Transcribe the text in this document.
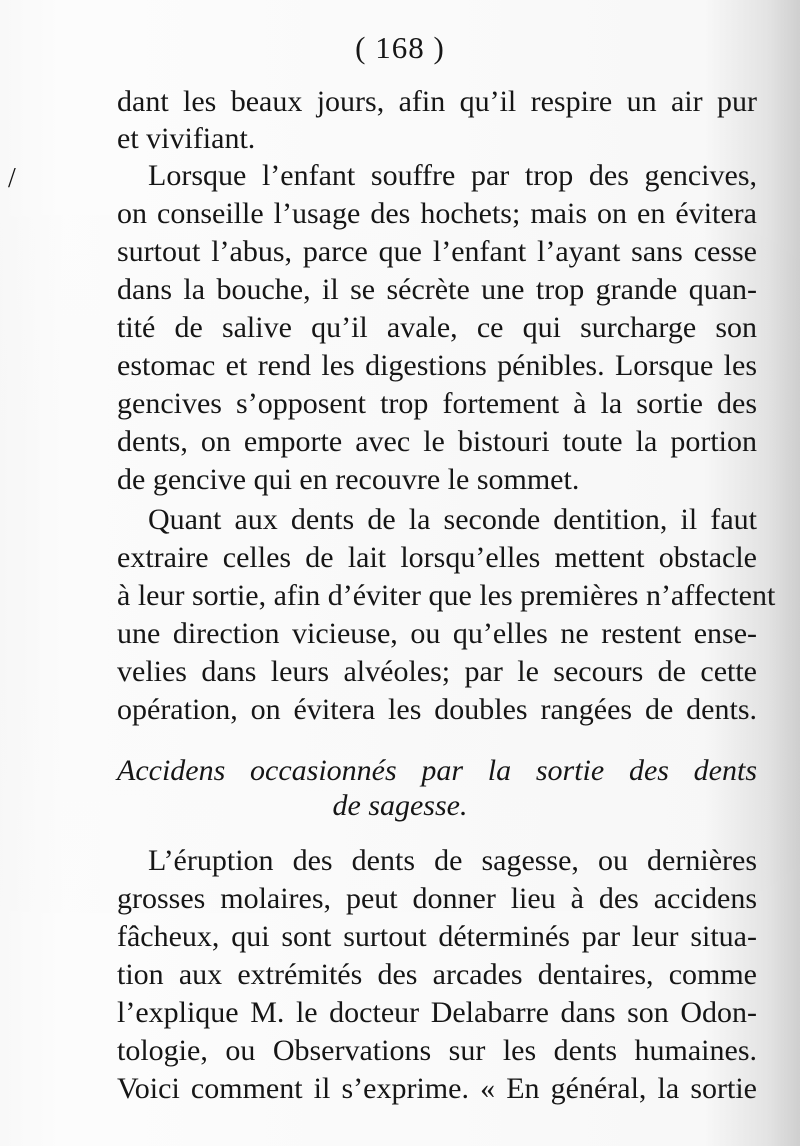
( 168 )
/
dant les beaux jours, afin qu’il respire un air pur
et vivifiant.
Lorsque l’enfant souffre par trop des gencives,
on conseille l’usage des hochets; mais on en évitera
surtout l’abus, parce que l’enfant l’ayant sans cesse
dans la bouche, il se sécrète une trop grande quan-
tité de salive qu’il avale, ce qui surcharge son
estomac et rend les digestions pénibles. Lorsque les
gencives s’opposent trop fortement à la sortie des
dents, on emporte avec le bistouri toute la portion
de gencive qui en recouvre le sommet.
Quant aux dents de la seconde dentition, il faut
extraire celles de lait lorsqu’elles mettent obstacle
à leur sortie, afin d’éviter que les premières n’affectent
une direction vicieuse, ou qu’elles ne restent ense-
velies dans leurs alvéoles; par le secours de cette
opération, on évitera les doubles rangées de dents.
Accidens occasionnés par la sortie des dents
de sagesse.
L’éruption des dents de sagesse, ou dernières
grosses molaires, peut donner lieu à des accidens
fâcheux, qui sont surtout déterminés par leur situa-
tion aux extrémités des arcades dentaires, comme
l’explique M. le docteur Delabarre dans son Odon-
tologie, ou Observations sur les dents humaines.
Voici comment il s’exprime. « En général, la sortie
